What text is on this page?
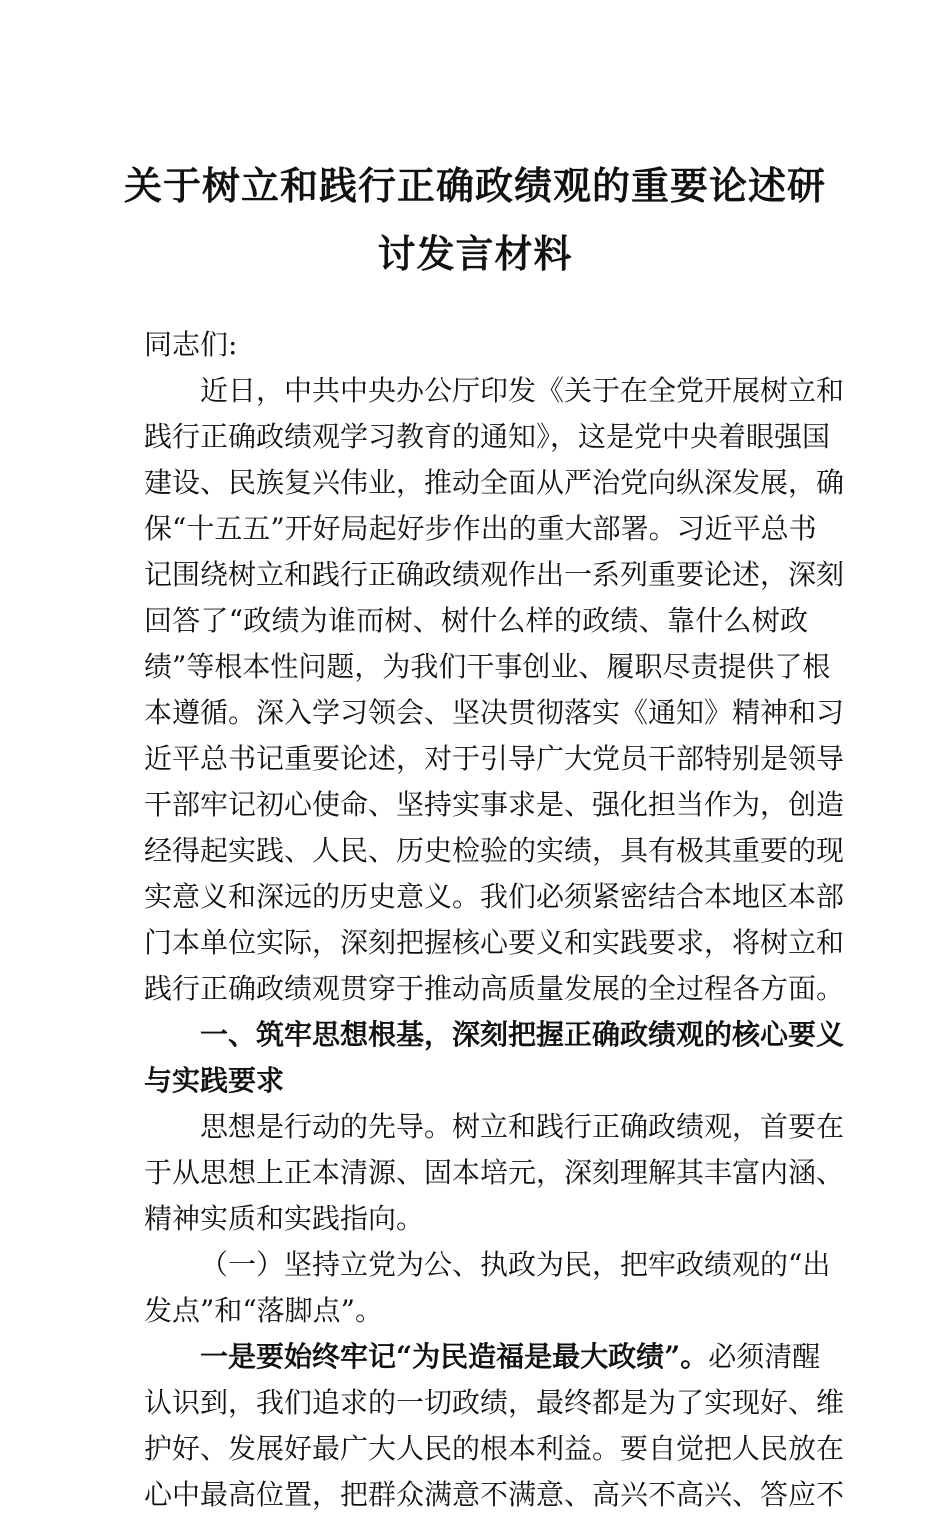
关于树立和践行正确政绩观的重要论述研
讨发言材料
同志们:
近日，中共中央办公厅印发《关于在全党开展树立和
践行正确政绩观学习教育的通知》，这是党中央着眼强国
建设、民族复兴伟业，推动全面从严治党向纵深发展，确
保“十五五”开好局起好步作出的重大部署。习近平总书
记围绕树立和践行正确政绩观作出一系列重要论述，深刻
回答了“政绩为谁而树、树什么样的政绩、靠什么树政
绩”等根本性问题，为我们干事创业、履职尽责提供了根
本遵循。深入学习领会、坚决贯彻落实《通知》精神和习
近平总书记重要论述，对于引导广大党员干部特别是领导
干部牢记初心使命、坚持实事求是、强化担当作为，创造
经得起实践、人民、历史检验的实绩，具有极其重要的现
实意义和深远的历史意义。我们必须紧密结合本地区本部
门本单位实际，深刻把握核心要义和实践要求，将树立和
践行正确政绩观贯穿于推动高质量发展的全过程各方面。
一、筑牢思想根基，深刻把握正确政绩观的核心要义
与实践要求
思想是行动的先导。树立和践行正确政绩观，首要在
于从思想上正本清源、固本培元，深刻理解其丰富内涵、
精神实质和实践指向。
（一）坚持立党为公、执政为民，把牢政绩观的“出
发点”和“落脚点”。
一是要始终牢记“为民造福是最大政绩”。必须清醒
认识到，我们追求的一切政绩，最终都是为了实现好、维
护好、发展好最广大人民的根本利益。要自觉把人民放在
心中最高位置，把群众满意不满意、高兴不高兴、答应不
